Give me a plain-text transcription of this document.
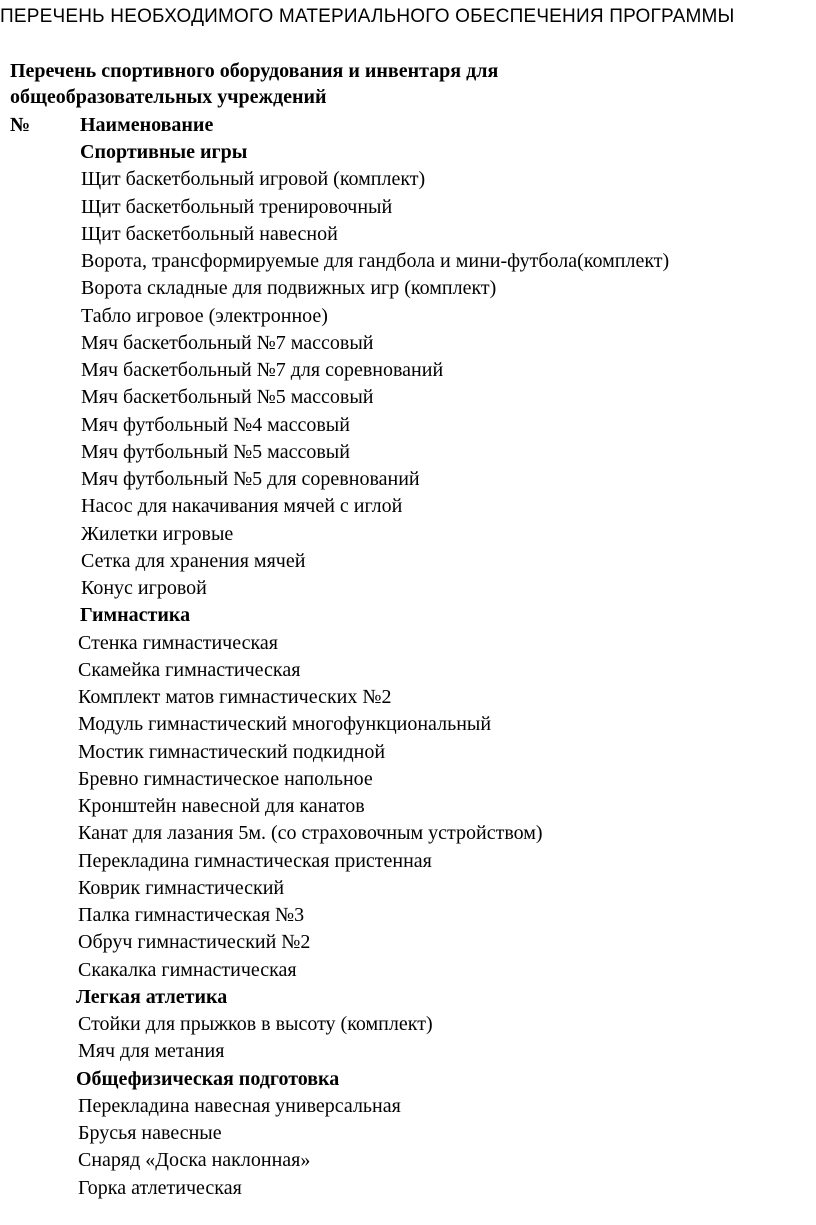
ПЕРЕЧЕНЬ НЕОБХОДИМОГО МАТЕРИАЛЬНОГО ОБЕСПЕЧЕНИЯ ПРОГРАММЫ
Перечень спортивного оборудования и инвентаря для
общеобразовательных учреждений
№ Наименование
Спортивные игры
Щит баскетбольный игровой (комплект)
Щит баскетбольный тренировочный
Щит баскетбольный навесной
Ворота, трансформируемые для гандбола и мини-футбола(комплект)
Ворота складные для подвижных игр (комплект)
Табло игровое (электронное)
Мяч баскетбольный №7 массовый
Мяч баскетбольный №7 для соревнований
Мяч баскетбольный №5 массовый
Мяч футбольный №4 массовый
Мяч футбольный №5 массовый
Мяч футбольный №5 для соревнований
Насос для накачивания мячей с иглой
Жилетки игровые
Сетка для хранения мячей
Конус игровой
Гимнастика
Стенка гимнастическая
Скамейка гимнастическая
Комплект матов гимнастических №2
Модуль гимнастический многофункциональный
Мостик гимнастический подкидной
Бревно гимнастическое напольное
Кронштейн навесной для канатов
Канат для лазания 5м. (со страховочным устройством)
Перекладина гимнастическая пристенная
Коврик гимнастический
Палка гимнастическая №3
Обруч гимнастический №2
Скакалка гимнастическая
Легкая атлетика
Стойки для прыжков в высоту (комплект)
Мяч для метания
Общефизическая подготовка
Перекладина навесная универсальная
Брусья навесные
Снаряд «Доска наклонная»
Горка атлетическая
